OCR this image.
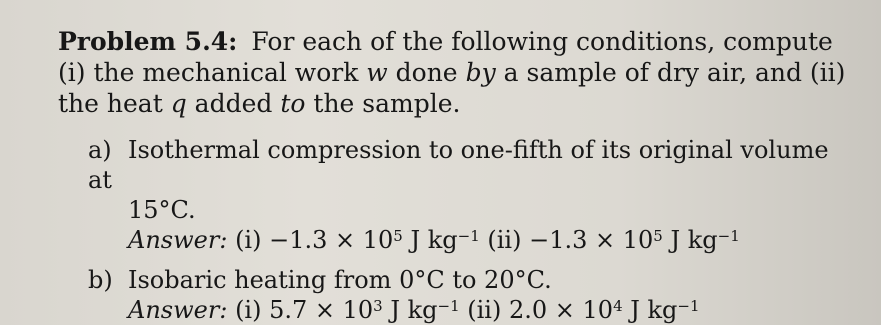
Problem 5.4: For each of the following conditions, compute (i) the mechanical work w done by a sample of dry air, and (ii) the heat q added to the sample.

a) Isothermal compression to one-fifth of its original volume at
15°C.
Answer: $(i) -1.3 \times 10^5$ J $kg^{-1}$ $(ii) -1.3 \times 10^5$ J $kg^{-1}$
b) Isobaric heating from 0°C to 20°C.
Answer: (i) $5.7 \times 10^3$ J $kg^{-1}$ (ii) $2.0 \times 10^4$ J $kg^{-1}$
